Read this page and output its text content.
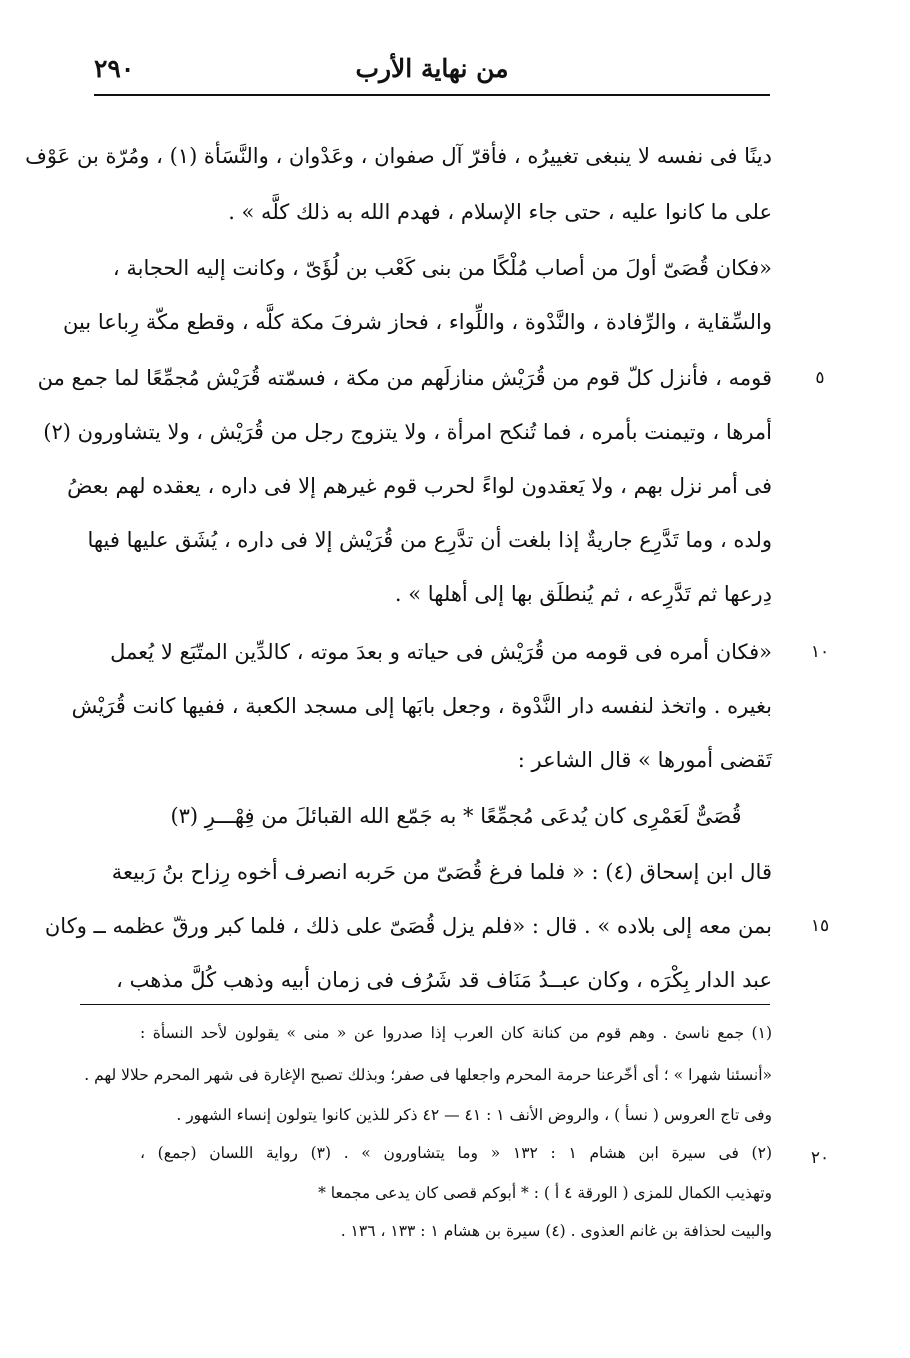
٢٩٠	من نهاية الأرب
دينًا فى نفسه لا ينبغى تغييرُه ، فأقرّ آل صفوان ، وعَدْوان ، والنَّسَأة (١) ، ومُرّة بن عَوْف
على ما كانوا عليه ، حتى جاء الإسلام ، فهدم الله به ذلك كلَّه » .
«فكان قُصَىّ أولَ من أصاب مُلْكًا من بنى كَعْب بن لُؤَىّ ، وكانت إليه الحجابة ،
والسِّقاية ، والرِّفادة ، والنَّدْوة ، واللِّواء ، فحاز شرفَ مكة كلَّه ، وقطع مكّة رِباعا بين
قومه ، فأنزل كلّ قوم من قُرَيْش منازلَهم من مكة ، فسمّته قُرَيْش مُجمِّعًا لما جمع من
أمرها ، وتيمنت بأمره ، فما تُنكح امرأة ، ولا يتزوج رجل من قُرَيْش ، ولا يتشاورون (٢)
فى أمر نزل بهم ، ولا يَعقدون لواءً لحرب قوم غيرهم إلا فى داره ، يعقده لهم بعضُ
ولده ، وما تَدَّرِع جاريةٌ إذا بلغت أن تدَّرِع من قُرَيْش إلا فى داره ، يُشَق عليها فيها
دِرعها ثم تَدَّرِعه ، ثم يُنطلَق بها إلى أهلها » .
«فكان أمره فى قومه من قُرَيْش فى حياته و بعدَ موته ، كالدِّين المتّبَع لا يُعمل
بغيره . واتخذ لنفسه دار النَّدْوة ، وجعل بابَها إلى مسجد الكعبة ، ففيها كانت قُرَيْش
تَقضى أمورها » قال الشاعر :
قُصَىٌّ لَعَمْرِى كان يُدعَى مُجمِّعًا * به جَمّع الله القبائلَ من فِهْـــرِ (٣)
قال ابن إسحاق (٤) : « فلما فرغ قُصَىّ من حَربه انصرف أخوه رِزاح بنُ رَبيعة
بمن معه إلى بلاده » . قال : «فلم يزل قُصَىّ على ذلك ، فلما كبر ورقّ عظمه ــ وكان
عبد الدار بِكْرَه ، وكان عبــدُ مَنَاف قد شَرُف فى زمان أبيه وذهب كُلَّ مذهب ،
٥
١٠
١٥
٢٠
(١) جمع ناسئ . وهم قوم من كنانة كان العرب إذا صدروا عن « منى » يقولون لأحد النسأة :
«أنسئنا شهرا » ؛ أى أخّرعنا حرمة المحرم واجعلها فى صفر؛ وبذلك تصبح الإغارة فى شهر المحرم حلالا لهم .
وفى تاج العروس ( نسأ ) ، والروض الأنف ١ : ٤١ — ٤٢ ذكر للذين كانوا يتولون إنساء الشهور .
(٢) فى سيرة ابن هشام ١ : ١٣٢ « وما يتشاورون » . (٣) رواية اللسان (جمع) ،
وتهذيب الكمال للمزى ( الورقة ٤ أ ) : * أبوكم قصى كان يدعى مجمعا *
والبيت لحذافة بن غانم العذوى . (٤) سيرة بن هشام ١ : ١٣٣ ، ١٣٦ .
